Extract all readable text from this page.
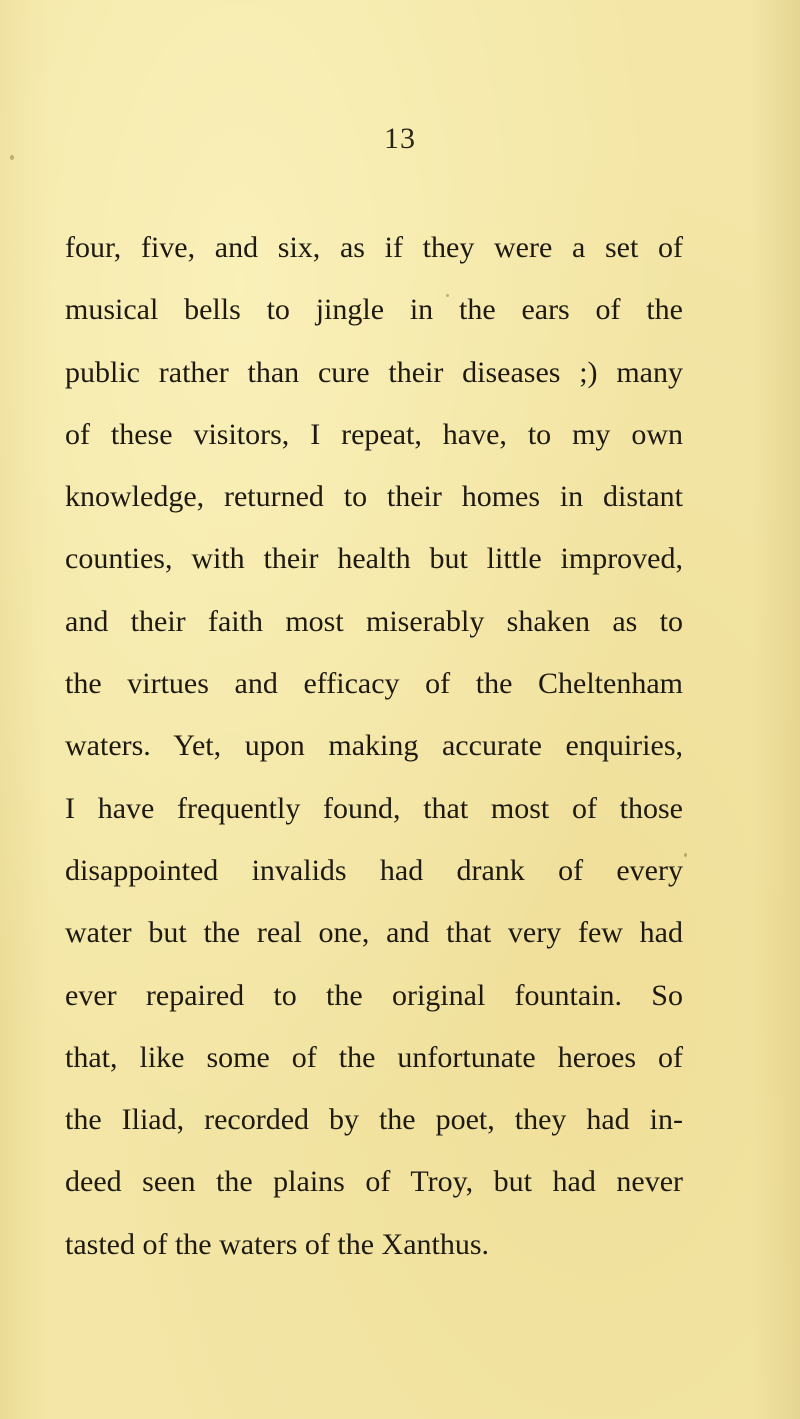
13
four, five, and six, as if they were a set of
musical bells to jingle in the ears of the
public rather than cure their diseases ;) many
of these visitors, I repeat, have, to my own
knowledge, returned to their homes in distant
counties, with their health but little improved,
and their faith most miserably shaken as to
the virtues and efficacy of the Cheltenham
waters. Yet, upon making accurate enquiries,
I have frequently found, that most of those
disappointed invalids had drank of every
water but the real one, and that very few had
ever repaired to the original fountain. So
that, like some of the unfortunate heroes of
the Iliad, recorded by the poet, they had in-
deed seen the plains of Troy, but had never
tasted of the waters of the Xanthus.
